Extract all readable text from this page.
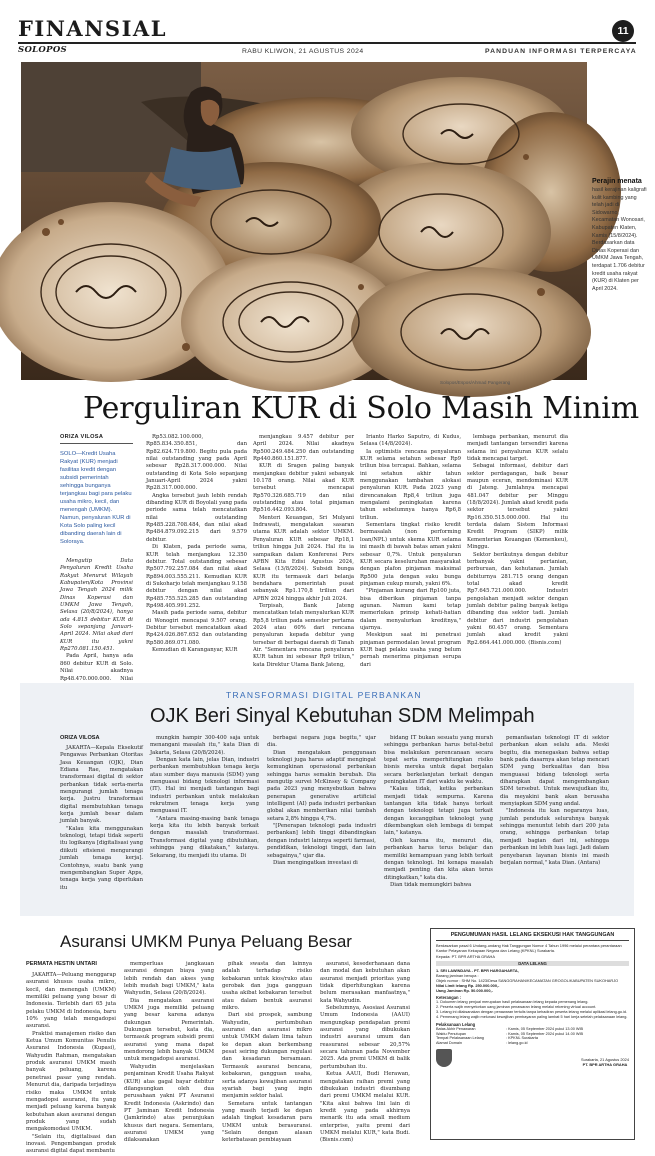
FINANSIAL
SOLOPOS	RABU KLIWON, 21 AGUSTUS 2024	PANDUAN INFORMASI TERPERCAYA
11
Solopos/Espos/Ahmad Pangerang
Perajin menata
hasil kerajinan kaligrafi kulit kambing yang telah jadi di Sidowarno, Kecamatan Wonosari, Kabupaten Klaten, Kamis (15/8/2024). Berdasarkan data Dinas Koperasi dan UMKM Jawa Tengah, terdapat 1.706 debitur kredit usaha rakyat (KUR) di Klaten per April 2024.
Perguliran KUR di Solo Masih Minim
ORIZA VILOSA
SOLO—Kredit Usaha Rakyat (KUR) menjadi fasilitas kredit dengan subsidi pemerintah sehingga bunganya terjangkau bagi para pelaku usaha mikro, kecil, dan menengah (UMKM). Namun, penyaluran KUR di Kota Solo paling kecil dibanding daerah lain di Soloraya.

Mengutip Data Penyaluran Kredit Usaha Rakyat Menurut Wilayah Kabupaten/Kota Provinsi Jawa Tengah 2024 milik Dinas Koperasi dan UMKM Jawa Tengah, Selasa (20/8/2024), hanya ada 4.815 debitur KUR di Solo sepanjang Januari-April 2024. Nilai akad dari KUR itu yakni Rp270.081.150.451.

Pada April, hanya ada 860 debitur KUR di Solo. Nilai akadnya Rp48.470.000.000. Nilai

Rp53.082.100.000, Rp85.834.350.851, dan Rp82.624.719.800. Begitu pula pada nilai outstanding yang pada April sebesar Rp28.317.000.000. Nilai outstanding di Kota Solo sepanjang Januari-April 2024 yakni Rp28.317.000.000.

Angka tersebut jauh lebih rendah dibanding KUR di Boyolali yang pada periode sama telah mencatatkan nilai outstanding Rp485.228.708.484, dan nilai akad Rp484.879.092.215 dari 9.579 debitur.

Di Klaten, pada periode sama, KUR telah menjangkau 12.350 debitur. Total outstanding sebesar Rp507.792.257.084 dan nilai akad Rp894.003.555.211. Kemudian KUR di Sukoharjo telah menjangkau 9.158 debitur dengan nilai akad Rp485.755.525.285 dan outstanding Rp498.405.991.252.

Masih pada periode sama, debitur di Wonogiri mencapai 9.507 orang. Debitur tersebut mencatatkan akad Rp424.026.867.652 dan outstanding Rp580.869.071.080.

Kemudian di Karanganyar, KUR

menjangkau 9.457 debitur per April 2024. Nilai akadnya Rp500.249.484.250 dan outstanding Rp440.860.151.877.

KUR di Sragen paling banyak menjangkau debitur yakni sebanyak 10.178 orang. Nilai akad KUR tersebut mencapai Rp570.326.685.719 dan nilai outstanding atau total pinjaman Rp516.442.093.804.

Menteri Keuangan, Sri Mulyani Indrawati, mengatakan sasaran utama KUR adalah sektor UMKM. Penyaluran KUR sebesar Rp18,1 triliun hingga Juli 2024. Hal itu ia sampaikan dalam Konferensi Pers APBN Kita Edisi Agustus 2024, Selasa (13/8/2024). Subsidi bunga KUR itu termasuk dari belanja bendahara pemerintah pusat sebanyak Rp1.170,8 triliun dari APBN 2024 hingga akhir Juli 2024.

Terpisah, Bank Jateng mencatatkan telah menyalurkan KUR Rp5,8 triliun pada semester pertama 2024 atau 60% dari rencana penyaluran kepada debitur yang tersebar di berbagai daerah di Tanah Air. "Sementara rencana penyaluran KUR tahun ini sebesar Rp9 triliun," kata Direktur Utama Bank Jateng,

Irianto Harko Saputro, di Kudus, Selasa (14/8/2024).

Ia optimistis rencana penyaluran KUR selama setahun sebesar Rp9 triliun bisa tercapai. Bahkan, selama ini setahun akhir tahun menggunakan tambahan alokasi penyaluran KUR. Pada 2023 yang direncanakan Rp8,4 triliun juga mengalami peningkatan karena tahun sebelumnya hanya Rp6,8 triliun.

Sementara tingkat risiko kredit bermasalah (non performing loan/NPL) untuk skema KUR selama ini masih di bawah batas aman yakni sebesar 0,7%. Untuk penyaluran KUR secara keseluruhan masyarakat dengan plafon pinjaman maksimal Rp500 juta dengan suku bunga pinjaman cukup murah, yakni 6%.

"Pinjaman kurang dari Rp100 juta, bisa diberikan pinjaman tanpa agunan. Namun kami tetap memerlukan prinsip kehati-hatian dalam menyalurkan kreditnya," ujarnya.

Meskipun saat ini penetrasi pinjaman permodalan lewat program KUR bagi pelaku usaha yang belum pernah menerima pinjaman serupa dari

lembaga perbankan, menurut dia menjadi tantangan tersendiri karena selama ini penyaluran KUR selalu tidak mencapai target.

Sebagai informasi, debitur dari sektor perdagangan, baik besar maupun eceran, mendominasi KUR di Jateng. Jumlahnya mencapai 481.047 debitur per Minggu (18/8/2024). Jumlah akad kredit pada sektor tersebut yakni Rp16.350.515.000.000. Hal itu terdata dalam Sistem Informasi Kredit Program (SIKP) milik Kementerian Keuangan (Kemenkeu), Minggu.

Sektor berikutnya dengan debitur terbanyak yakni pertanian, perburuan, dan kehutanan. Jumlah debiturnya 281.715 orang dengan total akad kredit Rp7.645.721.000.000. Industri pengolahan menjadi sektor dengan jumlah debitur paling banyak ketiga dibanding dua sektor tadi. Jumlah debitur dari industri pengolahan yakni 60.457 orang. Sementara jumlah akad kredit yakni Rp2.664.441.000.000. (Bisnis.com)

TRANSFORMASI DIGITAL PERBANKAN
OJK Beri Sinyal Kebutuhan SDM Melimpah
ORIZA VILOSA

JAKARTA—Kepala Eksekutif Pengawas Perbankan Otoritas Jasa Keuangan (OJK), Dian Ediana Rae, mengatakan transformasi digital di sektor perbankan tidak serta-merta mengurangi jumlah tenaga kerja. Justru transformasi digital membutuhkan tenaga kerja jumlah besar dalam jumlah banyak.

"Kalau kita menggunakan teknologi, tetapi tidak seperti itu logikanya [digitalisasi yang diikuti efisiensi mengurangi jumlah tenaga kerja]. Contohnya, suatu bank yang mengembangkan Super Apps, tenaga kerja yang diperlukan itu

mungkin hampir 300-400 saja untuk menangani masalah itu," kata Dian di Jakarta, Selasa (20/8/2024).

Dengan kata lain, jelas Dian, industri perbankan membutuhkan tenaga kerja atau sumber daya manusia (SDM) yang menguasai bidang teknologi informasi (IT). Hal ini menjadi tantangan bagi industri perbankan untuk melakukan rekrutmen tenaga kerja yang menguasai IT.

"Antara masing-masing bank tenaga kerja kita itu lebih banyak terkait dengan masalah transformasi. Transformasi digital yang dibutuhkan, sehingga yang dikatakan," katanya. Sekarang, itu menjadi itu utama. Di

berbagai negara juga begitu," ujar dia.

Dian mengatakan penggunaan teknologi juga harus adaptif mengingat kemungkinan operasional perbankan sehingga harus semakin berubah. Dia mengutip survei McKinsey & Company pada 2023 yang menyebutkan bahwa penerapan generative artificial intelligent (AI) pada industri perbankan global akan memberikan nilai tambah setara 2,8% hingga 4,7%.

"[Penerapan teknologi pada industri perbankan] lebih tinggi dibandingkan dengan industri lainnya seperti farmasi, pendidikan, teknologi tinggi, dan lain sebagainya," ujar dia.

Dian mengingatkan investasi di

bidang IT bukan sesuatu yang murah sehingga perbankan harus betul-betul bisa melakukan perencanaan secara tepat serta memperhitungkan risiko bisnis mereka untuk dapat berjalan secara berkelanjutan terkait dengan peningkatan IT dari waktu ke waktu.

"Kalau tidak, ketika perbankan menjadi tidak sempurna. Karena tantangan kita tidak hanya terkait dengan teknologi tetapi juga terkait dengan kecanggihan teknologi yang dikembangkan oleh lembaga di tempat lain," katanya.

Oleh karena itu, menurut dia, perbankan harus terus belajar dan memiliki kemampuan yang lebih terkait dengan teknologi. Ini kenapa masalah menjadi penting dan kita akan terus ditingkatkan," kata dia.

Dian tidak memungkiri bahwa

pemanfaatan teknologi IT di sektor perbankan akan selalu ada. Meski begitu, dia menegaskan bahwa setiap bank pada dasarnya akan tetap mencari SDM yang berkualitas dan bisa menguasai bidang teknologi serta diharapkan dapat mengembangkan SDM tersebut. Untuk mewujudkan itu, dia meyakini bank akan berusaha menyiapkan SDM yang andal.

"Indonesia itu kan negaranya luas, jumlah penduduk seluruhnya banyak sehingga menuntut lebih dari 200 juta orang, sehingga perbankan tetap menjadi bagian dari ini, sehingga perbankan ini lebih luas lagi. Jadi dalam penyebaran layanan bisnis ini masih berjalan normal," kata Dian. (Antara)

Asuransi UMKM Punya Peluang Besar
PERMATA HESTIN UNTARI

JAKARTA—Peluang menggarap asuransi khusus usaha mikro, kecil, dan menengah (UMKM) memiliki peluang yang besar di Indonesia. Terlebih dari 65 juta pelaku UMKM di Indonesia, baru 10% yang telah mengadopsi asuransi.

Praktisi manajemen risiko dan Ketua Umum Komunitas Penulis Asuransi Indonesia (Kupasi), Wahyudin Rahman, mengatakan produk asuransi UMKM masih banyak peluang, karena penetrasi pasar yang rendah. Menurut dia, daripada terjadinya risiko maka UMKM untuk mengadopsi asuransi, itu yang menjadi peluang karena banyak kebutuhan akan asuransi dengan produk yang sudah mengakomodasi UMKM.

"Selain itu, digitalisasi dan inovasi. Pengembangan produk asuransi digital dapat membantu

memperluas jangkauan asuransi dengan biaya yang lebih rendah dan akses yang lebih mudah bagi UMKM," kata Wahyudin, Selasa (20/8/2024).

Dia mengatakan asuransi UMKM juga memiliki peluang yang besar karena adanya dukungan Pemerintah. Dukungan tersebut, kata dia, termasuk program subsidi premi asuransi yang mana dapat mendorong lebih banyak UMKM untuk mengadopsi asuransi.

Wahyudin menjelaskan penjaminan Kredit Usaha Rakyat (KUR) atas gagal bayar debitur dilangsungkan oleh dua perusahaan yakni PT Asuransi Kredit Indonesia (Askrindo) dan PT Jaminan Kredit Indonesia (Jamkrindo) atas penunjukan khusus dari negara. Sementara, asuransi UMKM yang dilaksanakan

pihak swasta dan lainnya adalah terhadap risiko kebakaran untuk kios/ruko atau gerobak dan juga gangguan usaha akibat kebakaran tersebut atau dalam bentuk asuransi mikro.

Dari sisi prospek, sambung Wahyudin, pertumbuhan asuransi dan asuransi mikro untuk UMKM dalam lima tahun ke depan akan berkembang pesat seiring dukungan regulasi dan kesadaran bersamaan. Termasuk asuransi bencana, kebakaran, gangguan usaha, serta adanya kewajiban asuransi syariah bagi yang ingin menjamin sektor halal.

Semetara untuk tantangan yang masih terjadi ke depan adalah tingkat kesadaran para UMKM untuk berasuransi. "Selain dengan alasan keterbatasan pembiayaan

asuransi, kesederhanaan dana dan modal dan kebutuhan akan asuransi menjadi prioritas yang tidak diperhitungkan karena belum merasakan manfaatnya," kata Wahyudin.

Sebelumnya, Asosiasi Asuransi Umum Indonesia (AAUI) mengungkap pendapatan premi asuransi yang dibukukan industri asuransi umum dan reasuransi sebesar 20,57% secara tahunan pada November 2025. Ada premi UMKM di balik pertumbuhan itu.

Ketua AAUI, Budi Herawan, mengatakan raihan premi yang dibukukan industri disumbang dari premi UMKM melalui KUR. "Kita akui bahwa lini lain di kredit yang pada akhirnya menarik itu ada small medium enterprise, yaitu premi dari UMKM melalui KUR," kata Budi. (Bisnis.com)

PENGUMUMAN HASIL LELANG EKSEKUSI HAK TANGGUNGAN
Berdasarkan pasal 6 Undang-undang Hak Tanggungan Nomor 4 Tahun 1996 melalui perantara perantaraan Kantor Pelayanan Kekayaan Negara dan Lelang (KPKNL) Surakarta.
Kepada: PT. BPR ARTHA GRAHA
DATA LELANG
1. SRI LAWINDAYA - PT. BPR HARGAHARTA,
Barang jaminan berupa :
Objek nomor : SHM No. 1423/Desa SANGGRAHAN/KECAMATAN GROGOL/KABUPATEN SUKOHARJO
Nilai Limit lelang Rp. 250.000.000,-
Uang Jaminan Rp. 50.000.000,-
Keterangan :
1. Dokumen lelang penjual merupakan hasil pelaksanaan lelang kepada pemenang lelang.
2. Peserta wajib menyetorkan uang jaminan penawaran lelang melalui rekening virtual account.
3. Lelang ini dilaksanakan dengan penawaran tertulis tanpa kehadiran peserta lelang melalui aplikasi lelang.go.id.
4. Pemenang lelang wajib melunasi kewajiban pembayaran paling lambat 5 hari kerja setelah pelaksanaan lelang.
Pelaksanaan Lelang
Batas Akhir Penawaran	: Kamis, 05 September 2024 pukul 13.00 WIB
Waktu Penutupan	: Kamis, 05 September 2024 pukul 14.00 WIB
Tempat Pelaksanaan Lelang	: KPKNL Surakarta
Alamat Domain	: lelang.go.id
Surakarta, 21 Agustus 2024
PT. BPR ARTHA GRAHA
